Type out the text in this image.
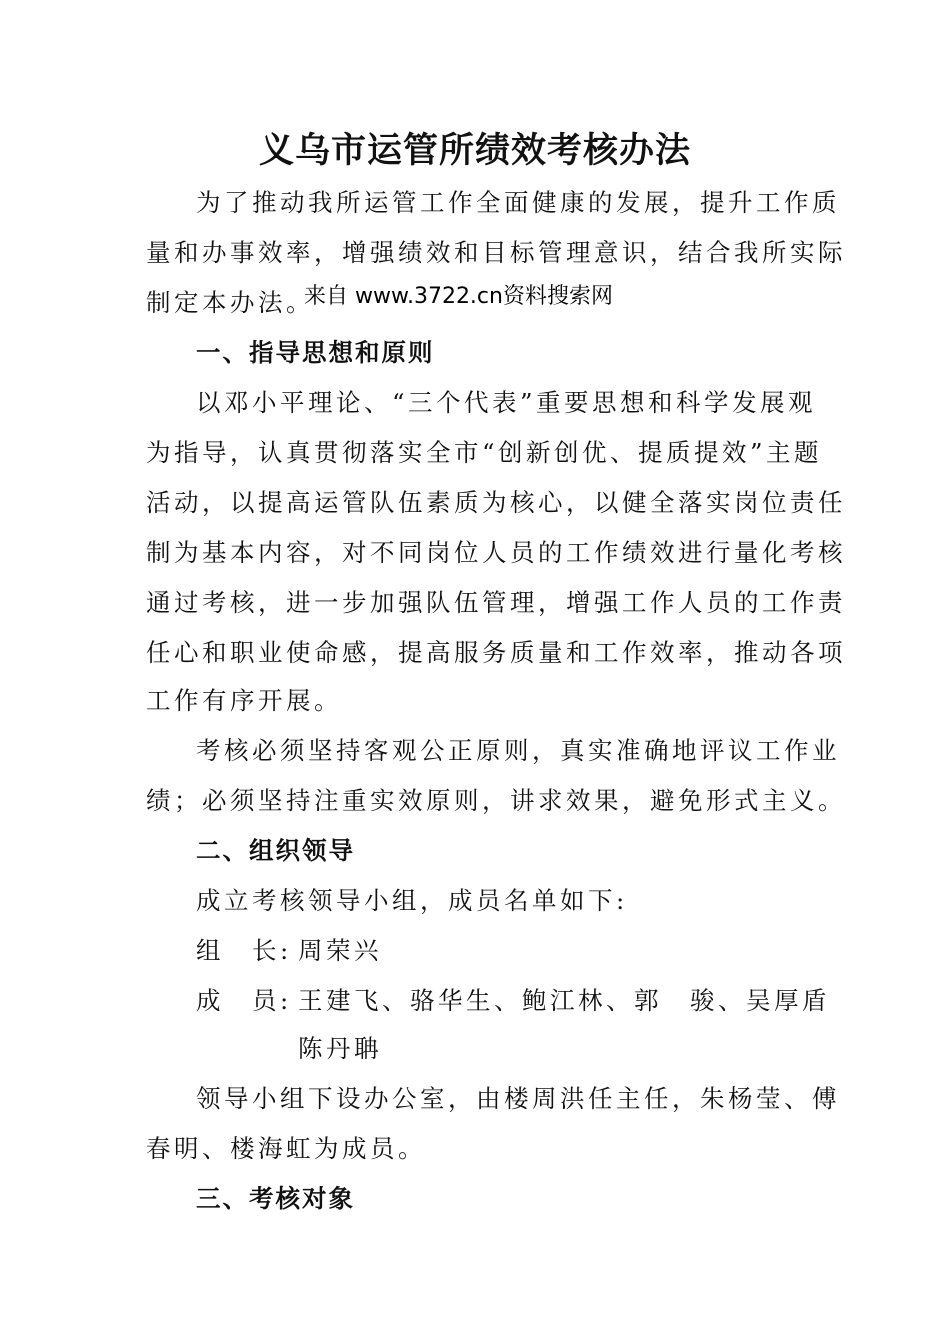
义乌市运管所绩效考核办法
为了推动我所运管工作全面健康的发展，提升工作质
量和办事效率，增强绩效和目标管理意识，结合我所实际
制定本办法。
来自 www.3722.cn资料搜索网
一、指导思想和原则
以邓小平理论、“三个代表”重要思想和科学发展观
为指导，认真贯彻落实全市“创新创优、提质提效”主题
活动，以提高运管队伍素质为核心，以健全落实岗位责任
制为基本内容，对不同岗位人员的工作绩效进行量化考核
通过考核，进一步加强队伍管理，增强工作人员的工作责
任心和职业使命感，提高服务质量和工作效率，推动各项
工作有序开展。
考核必须坚持客观公正原则，真实准确地评议工作业
绩；必须坚持注重实效原则，讲求效果，避免形式主义。
二、组织领导
成立考核领导小组，成员名单如下:
组　长: 周荣兴
成　员: 王建飞、骆华生、鲍江林、郭　骏、吴厚盾
陈丹聃
领导小组下设办公室，由楼周洪任主任，朱杨莹、傅
春明、楼海虹为成员。
三、考核对象
